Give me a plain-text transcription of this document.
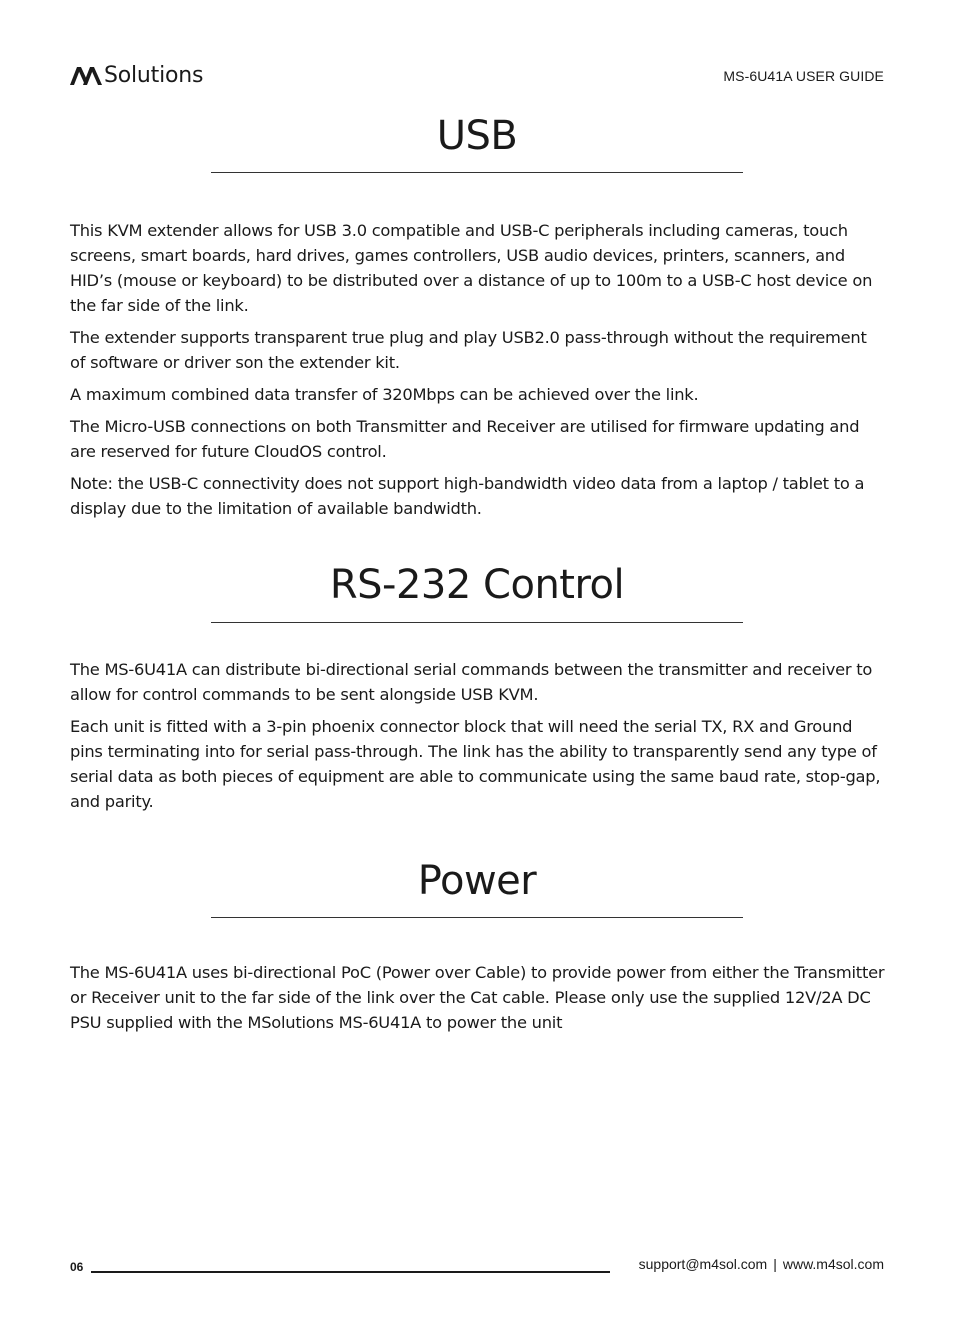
Solutions	MS-6U41A USER GUIDE
USB

This KVM extender allows for USB 3.0 compatible and USB-C peripherals including cameras, touch screens, smart boards, hard drives, games controllers, USB audio devices, printers, scanners, and HID’s (mouse or keyboard) to be distributed over a distance of up to 100m to a USB-C host device on the far side of the link.

The extender supports transparent true plug and play USB2.0 pass-through without the requirement of software or driver son the extender kit.

A maximum combined data transfer of 320Mbps can be achieved over the link.

The Micro-USB connections on both Transmitter and Receiver are utilised for firmware updating and are reserved for future CloudOS control.

Note: the USB-C connectivity does not support high-bandwidth video data from a laptop / tablet to a display due to the limitation of available bandwidth.

RS-232 Control

The MS-6U41A can distribute bi-directional serial commands between the transmitter and receiver to allow for control commands to be sent alongside USB KVM.

Each unit is fitted with a 3-pin phoenix connector block that will need the serial TX, RX and Ground pins terminating into for serial pass-through. The link has the ability to transparently send any type of serial data as both pieces of equipment are able to communicate using the same baud rate, stop-gap, and parity.

Power

The MS-6U41A uses bi-directional PoC (Power over Cable) to provide power from either the Transmitter or Receiver unit to the far side of the link over the Cat cable. Please only use the supplied 12V/2A DC PSU supplied with the MSolutions MS-6U41A to power the unit

06	support@m4sol.com | www.m4sol.com
